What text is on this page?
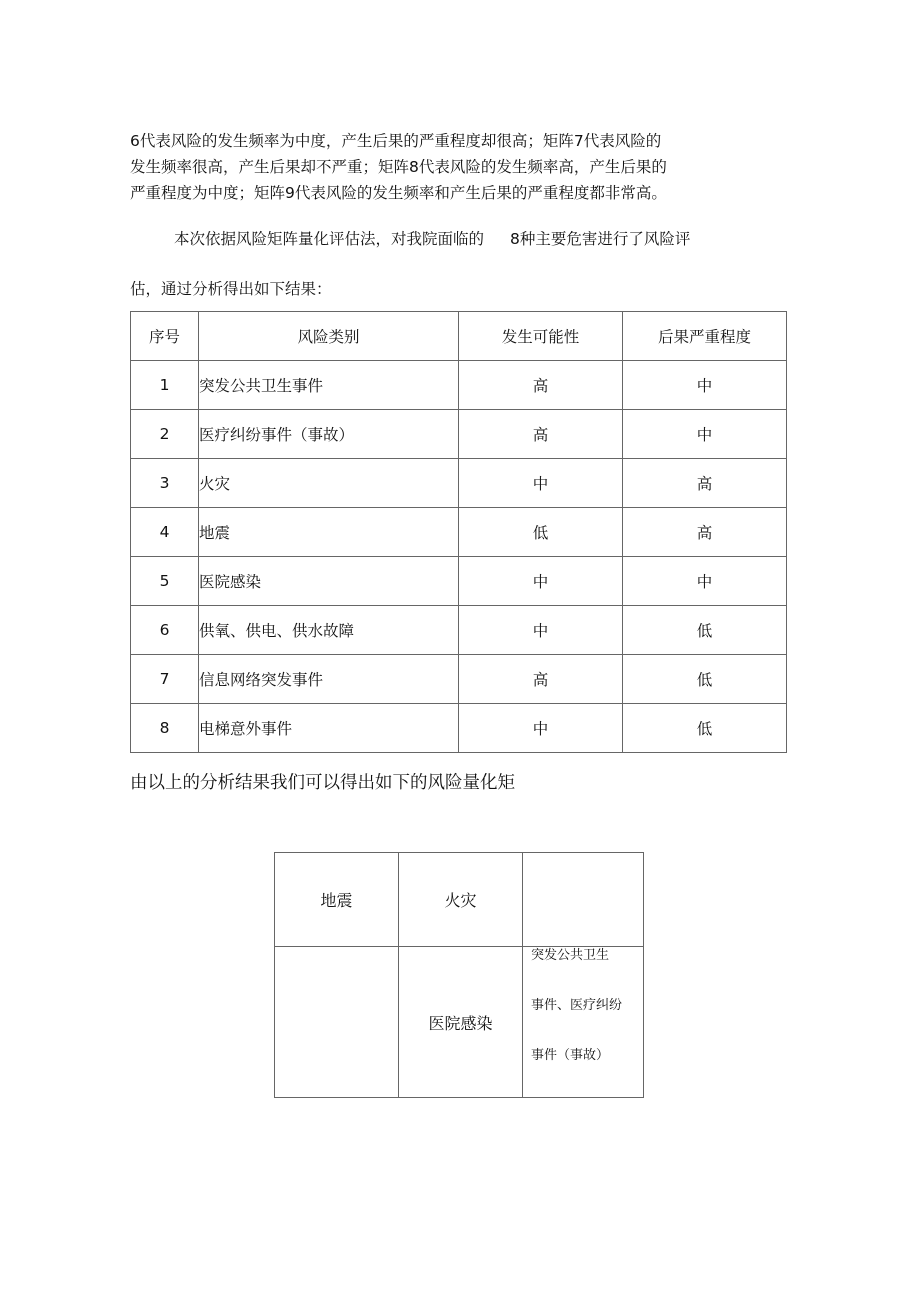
6代表风险的发生频率为中度，产生后果的严重程度却很高；矩阵7代表风险的
发生频率很高，产生后果却不严重；矩阵8代表风险的发生频率高，产生后果的
严重程度为中度；矩阵9代表风险的发生频率和产生后果的严重程度都非常高。

本次依据风险矩阵量化评估法，对我院面临的 8种主要危害进行了风险评

估，通过分析得出如下结果：

序号	风险类别	发生可能性	后果严重程度
1	突发公共卫生事件	高	中
2	医疗纠纷事件（事故）	高	中
3	火灾	中	高
4	地震	低	高
5	医院感染	中	中
6	供氧、供电、供水故障	中	低
7	信息网络突发事件	高	低
8	电梯意外事件	中	低

由以上的分析结果我们可以得出如下的风险量化矩

地震	火灾	
	医院感染	突发公共卫生
事件、医疗纠纷
事件（事故）
